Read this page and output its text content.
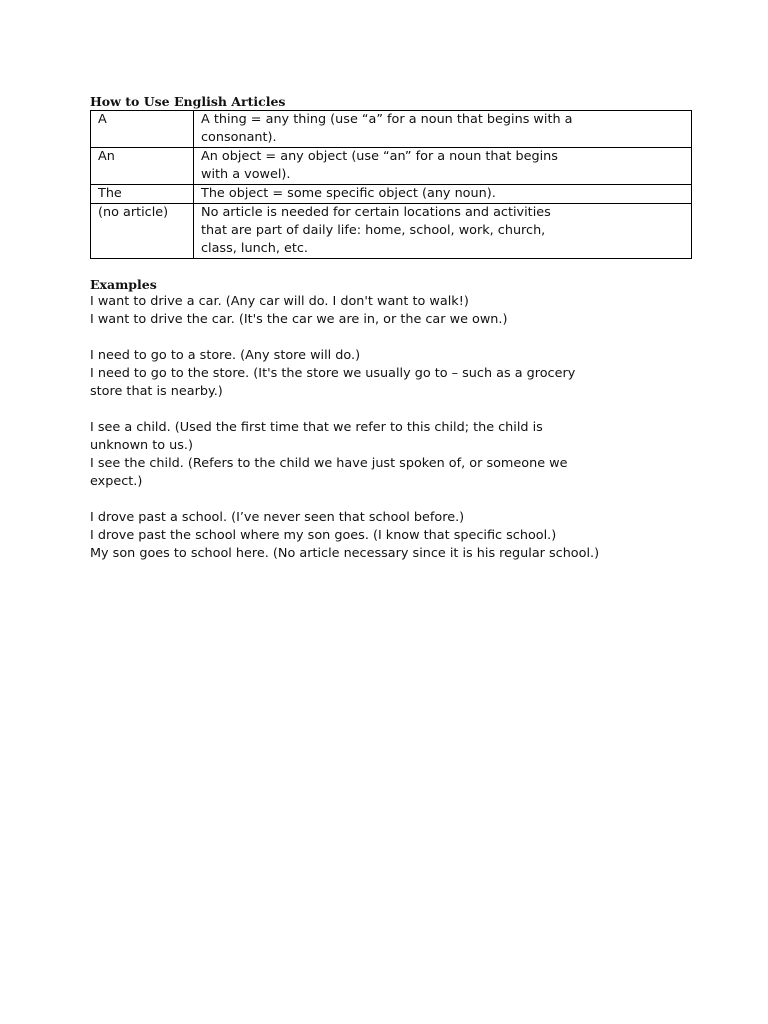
How to Use English Articles
A	A thing = any thing (use “a” for a noun that begins with a
consonant).
An	An object = any object (use “an” for a noun that begins
with a vowel).
The	The object = some specific object (any noun).
(no article)	No article is needed for certain locations and activities
that are part of daily life: home, school, work, church,
class, lunch, etc.
Examples
I want to drive a car. (Any car will do. I don't want to walk!)
I want to drive the car. (It's the car we are in, or the car we own.)
I need to go to a store. (Any store will do.)
I need to go to the store. (It's the store we usually go to – such as a grocery
store that is nearby.)
I see a child. (Used the first time that we refer to this child; the child is
unknown to us.)
I see the child. (Refers to the child we have just spoken of, or someone we
expect.)
I drove past a school. (I’ve never seen that school before.)
I drove past the school where my son goes. (I know that specific school.)
My son goes to school here. (No article necessary since it is his regular school.)
